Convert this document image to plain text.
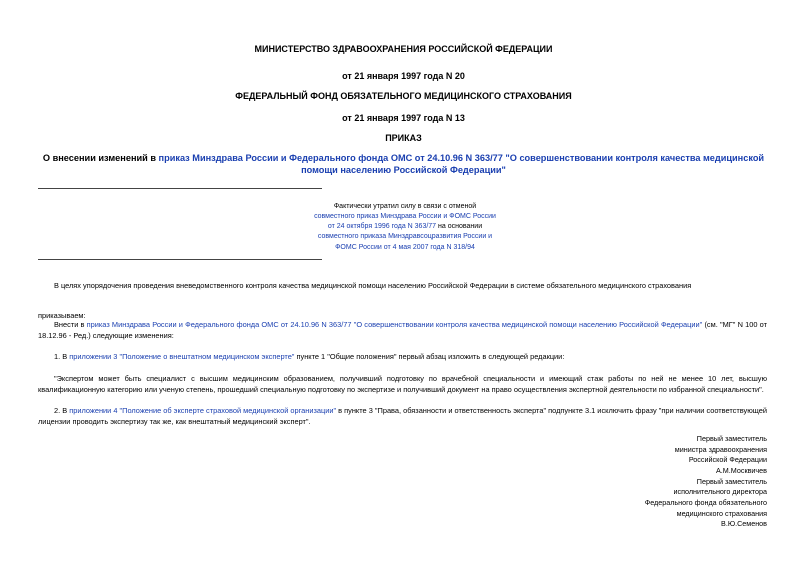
МИНИСТЕРСТВО ЗДРАВООХРАНЕНИЯ РОССИЙСКОЙ ФЕДЕРАЦИИ
от 21 января 1997 года N 20
ФЕДЕРАЛЬНЫЙ ФОНД ОБЯЗАТЕЛЬНОГО МЕДИЦИНСКОГО СТРАХОВАНИЯ
от 21 января 1997 года N 13
ПРИКАЗ
О внесении изменений в приказ Минздрава России и Федерального фонда ОМС от 24.10.96 N 363/77 "О совершенствовании контроля качества медицинской помощи населению Российской Федерации"
Фактически утратил силу в связи с отменой
совместного приказ Минздрава России и ФОМС России
от 24 октября 1996 года N 363/77 на основании
совместного приказа Минздравсоцразвития России и
ФОМС России от 4 мая 2007 года N 318/94
В целях упорядочения проведения вневедомственного контроля качества медицинской помощи населению Российской Федерации в системе обязательного медицинского страхования
приказываем:
Внести в приказ Минздрава России и Федерального фонда ОМС от 24.10.96 N 363/77 "О совершенствовании контроля качества медицинской помощи населению Российской Федерации" (см. "МГ" N 100 от 18.12.96 - Ред.) следующие изменения:
1. В приложении 3 "Положение о внештатном медицинском эксперте" пункте 1 "Общие положения" первый абзац изложить в следующей редакции:
"Экспертом может быть специалист с высшим медицинским образованием, получивший подготовку по врачебной специальности и имеющий стаж работы по ней не менее 10 лет, высшую квалификационную категорию или ученую степень, прошедший специальную подготовку по экспертизе и получивший документ на право осуществления экспертной деятельности по избранной специальности".
2. В приложении 4 "Положение об эксперте страховой медицинской организации" в пункте 3 "Права, обязанности и ответственность эксперта" подпункте 3.1 исключить фразу "при наличии соответствующей лицензии проводить экспертизу так же, как внештатный медицинский эксперт".
Первый заместитель
министра здравоохранения
Российской Федерации
А.М.Москвичев
Первый заместитель
исполнительного директора
Федерального фонда обязательного
медицинского страхования
В.Ю.Семенов
